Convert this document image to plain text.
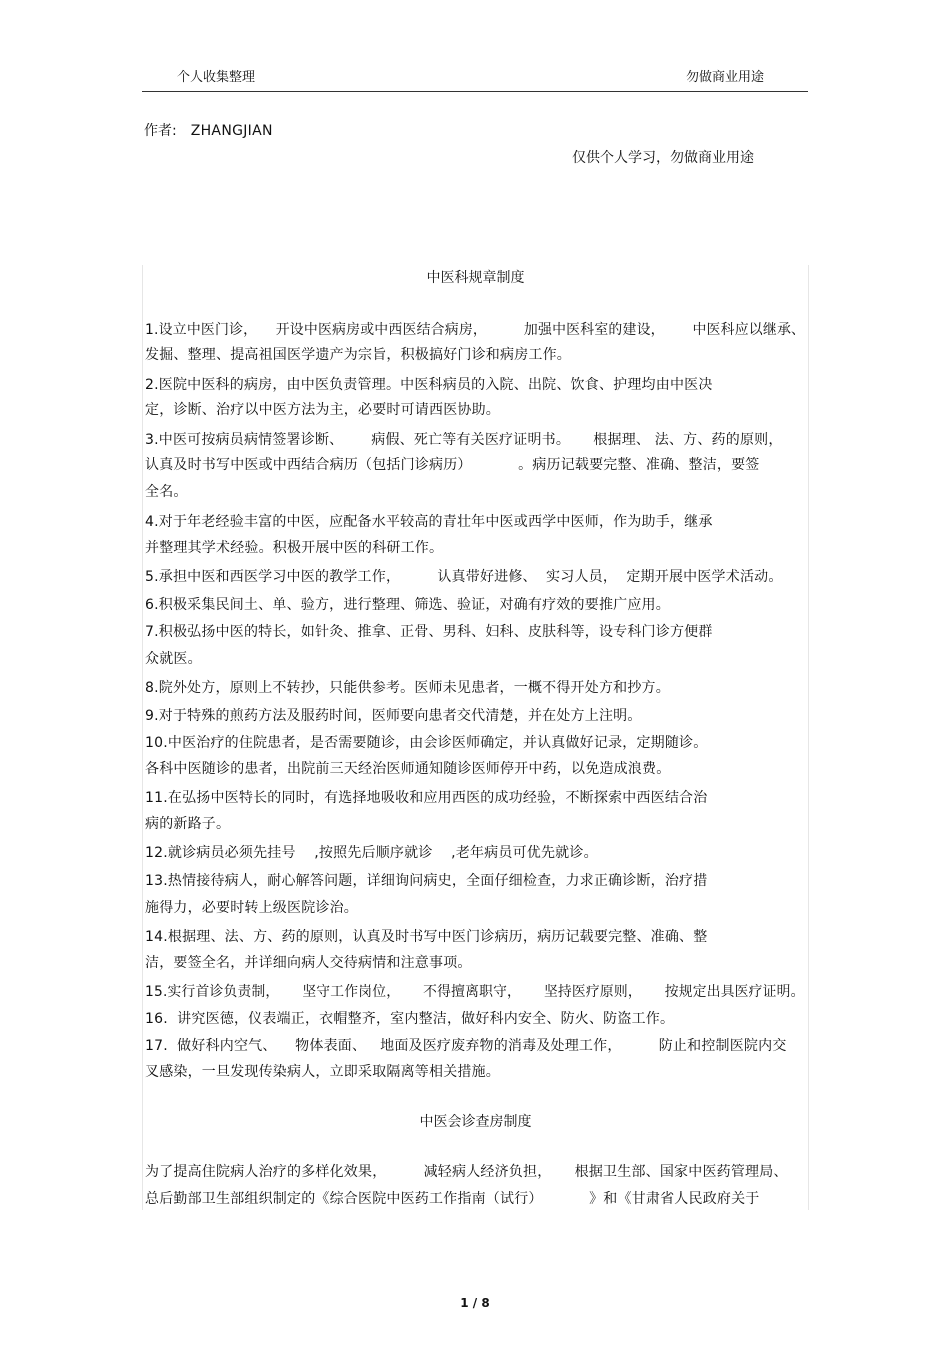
个人收集整理	勿做商业用途
作者: ZHANGJIAN
仅供个人学习，勿做商业用途
中医科规章制度
1.设立中医门诊，    开设中医病房或中西医结合病房，        加强中医科室的建设，      中医科应以继承、
发掘、整理、提高祖国医学遗产为宗旨，积极搞好门诊和病房工作。
2.医院中医科的病房，由中医负责管理。中医科病员的入院、出院、饮食、护理均由中医决
定，诊断、治疗以中医方法为主，必要时可请西医协助。
3.中医可按病员病情签署诊断、      病假、死亡等有关医疗证明书。     根据理、 法、方、药的原则，
认真及时书写中医或中西结合病历（包括门诊病历）          。病历记载要完整、准确、整洁，要签
全名。
4.对于年老经验丰富的中医，应配备水平较高的青壮年中医或西学中医师，作为助手，继承
并整理其学术经验。积极开展中医的科研工作。
5.承担中医和西医学习中医的教学工作，        认真带好进修、  实习人员，  定期开展中医学术活动。
6.积极采集民间土、单、验方，进行整理、筛选、验证，对确有疗效的要推广应用。
7.积极弘扬中医的特长，如针灸、推拿、正骨、男科、妇科、皮肤科等，设专科门诊方便群
众就医。
8.院外处方，原则上不转抄，只能供参考。医师未见患者，一概不得开处方和抄方。
9.对于特殊的煎药方法及服药时间，医师要向患者交代清楚，并在处方上注明。
10.中医治疗的住院患者，是否需要随诊，由会诊医师确定，并认真做好记录，定期随诊。
各科中医随诊的患者，出院前三天经治医师通知随诊医师停开中药，以免造成浪费。
11.在弘扬中医特长的同时，有选择地吸收和应用西医的成功经验，不断探索中西医结合治
病的新路子。
12.就诊病员必须先挂号    ,按照先后顺序就诊    ,老年病员可优先就诊。
13.热情接待病人，耐心解答问题，详细询问病史，全面仔细检查，力求正确诊断，治疗措
施得力，必要时转上级医院诊治。
14.根据理、法、方、药的原则，认真及时书写中医门诊病历，病历记载要完整、准确、整
洁，要签全名，并详细向病人交待病情和注意事项。
15.实行首诊负责制，     坚守工作岗位，     不得擅离职守，     坚持医疗原则，     按规定出具医疗证明。
16.  讲究医德，仪表端正，衣帽整齐，室内整洁，做好科内安全、防火、防盗工作。
17.  做好科内空气、    物体表面、   地面及医疗废弃物的消毒及处理工作，        防止和控制医院内交
叉感染，一旦发现传染病人，立即采取隔离等相关措施。
中医会诊查房制度
为了提高住院病人治疗的多样化效果，        减轻病人经济负担，     根据卫生部、国家中医药管理局、
总后勤部卫生部组织制定的《综合医院中医药工作指南（试行）          》和《甘肃省人民政府关于
1 / 8
